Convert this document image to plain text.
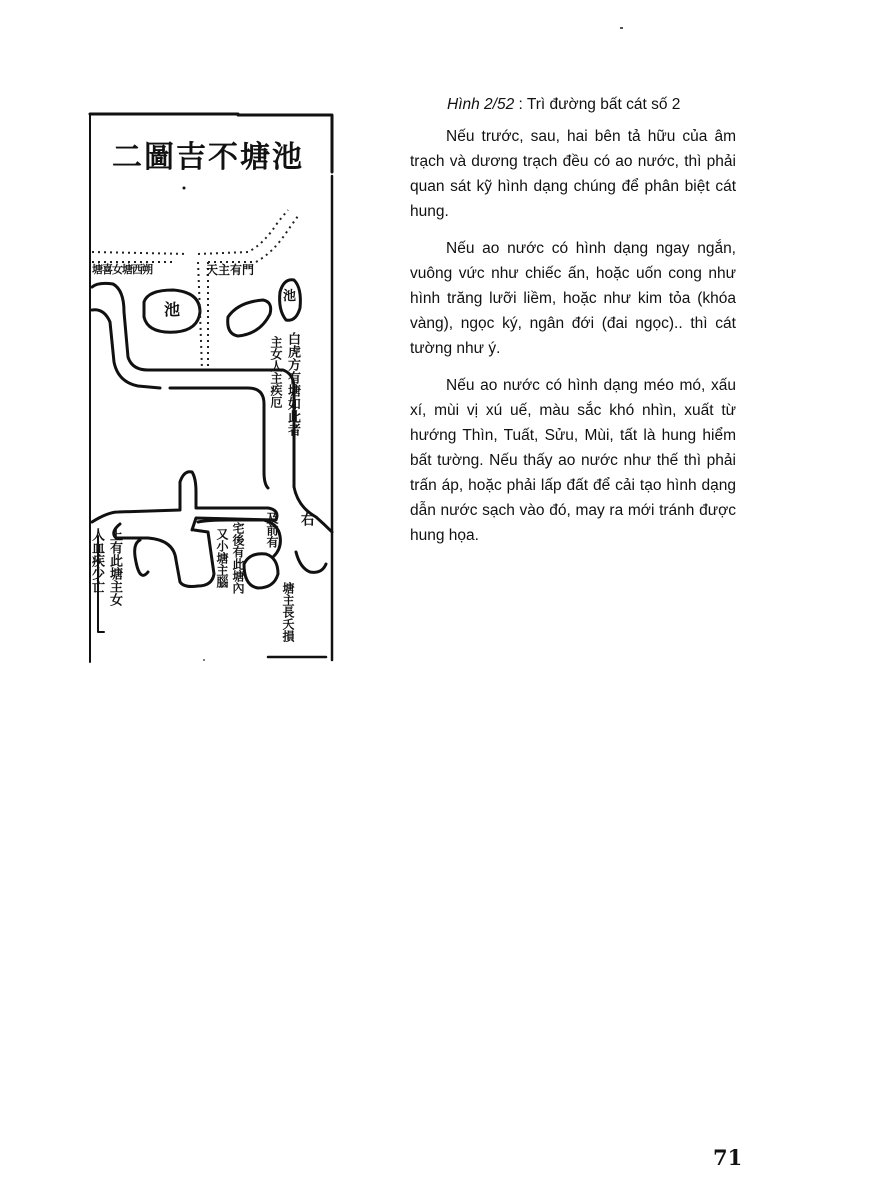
二圖吉不塘池
塘喜女塘西朔	天主有門
池
池
白虎方有塘如此者
主女人主疾厄
右
上有此塘主女
人血疾少亡	宅後有此塘內
又小塘主腦	及前有
塘主長夭損
Hình 2/52 : Trì đường bất cát số 2

Nếu trước, sau, hai bên tả hữu của âm trạch và dương trạch đều có ao nước, thì phải quan sát kỹ hình dạng chúng để phân biệt cát hung.

Nếu ao nước có hình dạng ngay ngắn, vuông vức như chiếc ấn, hoặc uốn cong như hình trăng lưỡi liềm, hoặc như kim tỏa (khóa vàng), ngọc ký, ngân đới (đai ngọc).. thì cát tường như ý.

Nếu ao nước có hình dạng méo mó, xấu xí, mùi vị xú uế, màu sắc khó nhìn, xuất từ hướng Thìn, Tuất, Sửu, Mùi, tất là hung hiểm bất tường. Nếu thấy ao nước như thế thì phải trấn áp, hoặc phải lấp đất để cải tạo hình dạng dẫn nước sạch vào đó, may ra mới tránh được hung họa.

71
